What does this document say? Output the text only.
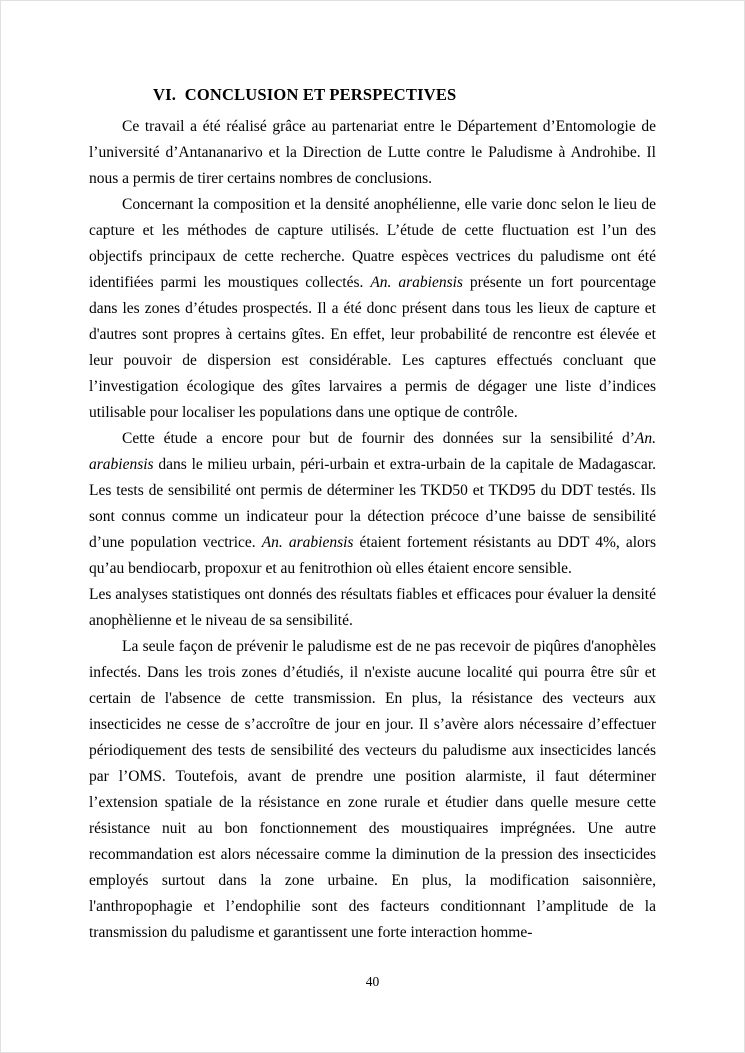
VI.  CONCLUSION ET PERSPECTIVES

Ce travail a été réalisé grâce au partenariat entre le Département d’Entomologie de l’université d’Antananarivo et la Direction de Lutte contre le Paludisme à Androhibe. Il nous a permis de tirer certains nombres de conclusions.

Concernant la composition et la densité anophélienne, elle varie donc selon le lieu de capture et les méthodes de capture utilisés. L’étude de cette fluctuation est l’un des objectifs principaux de cette recherche. Quatre espèces vectrices du paludisme ont été identifiées parmi les moustiques collectés. An. arabiensis présente un fort pourcentage dans les zones d’études prospectés. Il a été donc présent dans tous les lieux de capture et d'autres sont propres à certains gîtes. En effet, leur probabilité de rencontre est élevée et leur pouvoir de dispersion est considérable. Les captures effectués concluant que l’investigation écologique des gîtes larvaires a permis de dégager une liste d’indices utilisable pour localiser les populations dans une optique de contrôle.

Cette étude a encore pour but de fournir des données sur la sensibilité d’An. arabiensis dans le milieu urbain, péri-urbain et extra-urbain de la capitale de Madagascar. Les tests de sensibilité ont permis de déterminer les TKD50 et TKD95 du DDT testés. Ils sont connus comme un indicateur pour la détection précoce d’une baisse de sensibilité d’une population vectrice. An. arabiensis étaient fortement résistants au DDT 4%, alors qu’au bendiocarb, propoxur et au fenitrothion où elles étaient encore sensible.

Les analyses statistiques ont donnés des résultats fiables et efficaces pour évaluer la densité anophèlienne et le niveau de sa sensibilité.

La seule façon de prévenir le paludisme est de ne pas recevoir de piqûres d'anophèles infectés. Dans les trois zones d’étudiés, il n'existe aucune localité qui pourra être sûr et certain de l'absence de cette transmission. En plus, la résistance des vecteurs aux insecticides ne cesse de s’accroître de jour en jour. Il s’avère alors nécessaire d’effectuer périodiquement des tests de sensibilité des vecteurs du paludisme aux insecticides lancés par l’OMS. Toutefois, avant de prendre une position alarmiste, il faut déterminer l’extension spatiale de la résistance en zone rurale et étudier dans quelle mesure cette résistance nuit au bon fonctionnement des moustiquaires imprégnées. Une autre recommandation est alors nécessaire comme la diminution de la pression des insecticides employés surtout dans la zone urbaine. En plus, la modification saisonnière, l'anthropophagie et l’endophilie sont des facteurs conditionnant l’amplitude de la transmission du paludisme et garantissent une forte interaction homme-

40
